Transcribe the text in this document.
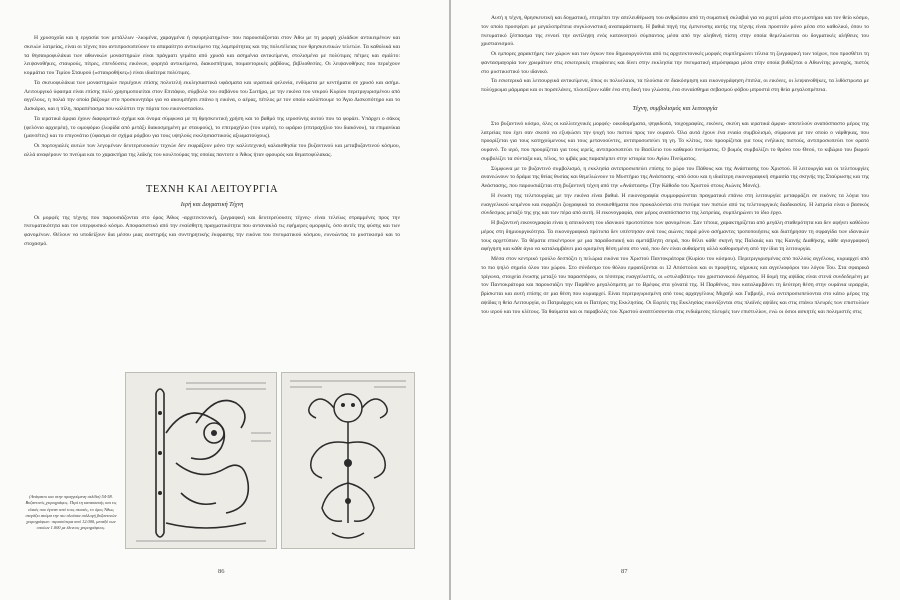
Η χρυσοχοΐα και η εργασία των μετάλλων -λιωμένα, χαραγμένα ή σφυρηλατημένα- που παρουσιάζονται στον Άθω με τη μορφή χιλιάδων αντικειμένων και σκευών λατρείας, είναι οι τέχνες που αντιπροσωπεύουν το απαραίτητο αντικείμενο της λαμπρότητας και της πολυτέλειας των θρησκευτικών τελετών. Τα καθολικά και τα θησαυροφυλάκια των αθωνικών μοναστηριών είναι πράγματι γεμάτα από χρυσά και ασημένια αντικείμενα, στολισμένα με πολύτιμες πέτρες και σμάλτο: λειψανοθήκες, σταυρούς, πίτρες, επενδύσεις εικόνων, φορητά αντικείμενα, διακοσπήτρια, ποιμαντορικές ράβδους, βιβλιοθεσίες. Οι λειψανοθήκες που περιέχουν κομμάτια του Τιμίου Σταυρού («σταυροθήκες») είναι ιδιαίτερα πολύτιμες.

Τα σκευοφυλάκια των μοναστηριών περιέχουν επίσης πολυτελή εκκλησιαστικά υφάσματα και ιερατικά φελονία, ενδύματα με κεντήματα σε χρυσό και ασήμι. Λειτουργικό ύφασμα είναι επίσης πολύ χρησιμοποιείται στον Επιτάφιο, σύμβολο του σαβάνου του Σωτήρα, με την εικόνα του νεκρού Κυρίου περιτριγυρισμένου από αγγέλους, η πολιά την οποία βάζουμε στο προσκυνητάρι για να ακουμπήσει επάνω η εικόνα, ο αέρας, πέπλος με τον οποίο καλύπτουμε το Άγιο Δισκοπότηρο και το Δισκάριο, και η πίλη, παραπέτασμα που καλύπτει την πόρτα του εικονοστασίου.

Τα ιερατικά άμφια έχουν διαφορετικό σχήμα και όνομα σύμφωνα με τη θρησκευτική χρήση και το βαθμό της ιεροσύνης αυτού που τα φοράει. Υπάρχει ο σάκος (φελόνιο αρχιερέα), το ωμοφόριο (λωρίδα από μετάξι διακοσμημένη με σταυρούς), το επιτραχήλιο (του ιερέα), το ωράριο (επιτραχήλιο του διακόνου), τα επιμανίκια (μανσέτες) και το επιγονάτιο (ύφασμα σε σχήμα ρόμβου για τους υψηλούς εκκλησιαστικούς αξιωματούχους).

Οι πορτογιαλές αυτών των λεγομένων δευτερευουσών τεχνών δεν εκφράζουν μόνο την καλλιτεχνική καλαισθησία του βυζαντινού και μεταβυζαντινού κόσμου, αλλά αναφέρουν το πνεύμα και το χαρακτήρα της λαϊκής του κουλτούρας της οποίας παντοτε ο Άθως ήταν φρουρός και θεματοφύλακας.

ΤΕΧΝΗ ΚΑΙ ΛΕΙΤΟΥΡΓΙΑ
Ιερή και Δογματική Τέχνη

Οι μορφές της τέχνης που παρουσιάζονται στο όρος Άθως -αρχιτεκτονική, ζωγραφική και δευτερεύουσες τέχνες- είναι τελείως στραμμένες προς την πνευματικότητα και τον υπερφυσικό κόσμο. Αποφασιστικό από την εναίσθητη πραγματικότητα που αντανακλά τις εφήμερες ομορφιές, όσο αυτές της φύσης και των φανομένων. Θέλουν να υποδείξουν δια μέσου μιας αυστηρής και συντηρητικής έκφρασης την εικόνα του πνευματικού κόσμου, ευνοώντας το μυστικισμό και το στοχασμό.

(Ανάφαιτο και στην προηγούμενη σελίδα) 54-58. Βυζαντινός χειρογράφος. Περί τη κατασκευής και τις ελικές που έγιναν από τους σκοπές, το όρος Άθως στεγάζει ακόμα την πιο πλούσια συλλογή βυζαντινών χειρογράφων: περισσότερα από 12.000, μεταξύ των οποίων 1.000 με έλινους χειρογράφους.
86

Αυτή η τέχνη, θρησκευτική και δογματική, επιτρέπει την απελευθέρωση του ανθρώπου από τη σωματική σκλαβιά για να ριχτεί μέσα στο μυστήριο και τον θείο κόσμο, τον οποίο προσφέρει με μεγαλοπρέπεια συγκλονιστική αναπαράσταση. Η βαθιά πηγή της έμπνευσης αυτής της τέχνης είναι προσιτόν μόνο μέσα στο καθολικό, όπου το πνευματικό ξέσπασμα της εννοεί την αντίληψη ενός κατανοητού σύμπαντος μέσα από την αληθινή πίστη στην οποία θεμελιώνεται ου δογματικές αλήθειες του χριστιανισμού.

Οι εμπορες χαρακτήρες των χώρων και των όγκων που δημιουργούνται από τις αρχιτεκτονικές μορφές συμπληρώνει τέλεια τη ζωγραφική των τοίχων, που προσθέτει τη φαντασμαγορία των χρωμάτων στις εσωτερικές επιφάνειες και δίνει στην εκκλησία την πνευματική ατμόσφαιρα μέσα στην οποία βυθίζεται ο Αθωνίτης μοναχός, πιστός στο μυστικιστικό του ιδανικό.

Τα εσωτερικά και λειτουργικά αντικείμενα, όπως οι πολυελαιοι, τα πλούσια σε διακόσμηση και εικονογράφηση έπιπλα, οι εικόνες, οι λειψανοθήκες, τα λιθόστρωτα με πολύχρωμα μάρμαρα και οι πορσελάνες, πλουτίζουν κάθε ένα στη δική του γλώσσα, ένα συναίσθημα σεβασμού φόβου μπροστά στη θεία μεγαλοπρέπεια.

Τέχνη, συμβολισμός και λειτουργία

Στο βυζαντινό κόσμο, όλες οι καλλιτεχνικές μορφές- οικοδομήματα, ψηφιδωτά, τοιχογραφίες, εικόνες, σκεύη και ιερατικά άμφια- αποτελούν αναπόσπαστο μέρος της λατρείας που έχει σαν σκοπό να εξυψώσει την ψυχή του πιστού προς τον ουρανό. Όλα αυτά έχουν ένα ενιαίο συμβολισμό, σύμφωνα με τον οποίο ο νάρθηκας, που προορίζεται για τους κατηχούμενους και τους μετανοούντες, αντιπροσωπεύει τη γη. Το κλίτος, που προορίζεται για τους ενήλικες πιστούς, αντιπροσωπεύει τον ορατό ουρανό. Το ιερό, που προορίζεται για τους ιερείς, αντιπροσωπεύει το Βασίλειο του καθαρού πνεύματος. Ο βωμός συμβολίζει το θρόνο του Θεού, το κιβώριο του βωμού συμβολίζει τα σύνταξα και, τέλος, το ιμβάς μας παραπέμπει στην ιστορία του Αγίου Πνεύματος.

Σύμφωνα με το βυζαντινό συμβολισμό, η εκκλησία αντιπροσωπεύει επίσης το χώρο του Πάθους και της Ανάστασης του Χριστού. Η λειτουργία και οι τελετουργίες ανανεώνουν το δράμα της θείας θυσίας και θεμελιώνουν το Μυστήριο της Ανάστασης -από όσου και η ιδιαίτερη εικονογραφική σημασία της σκηνής της Σταύρωσης και της Ανάστασης, που παρουσιάζεται στη βυζαντινή τέχνη από την «Ανάσταση» (Την Κάθοδο του Χριστού στους Αιώνες Μονές).

Η ένωση της τελετουργίας με την εικόνα είναι βαθιά. Η εικονογραφία συμμορφώνεται πραγματικά επάνω στη λειτουργία: μεταφράζει σε εικόνες τα λόγια του ευαγγελικού κειμένου και εκφράζει ζωγραφικά τα συναισθήματα που προκαλούνται στο πνεύμα των πιστών από τις τελετουργικές διαδικασίες. Η λατρεία είναι ο βασικός σύνδεσμος μεταξύ της γης και των πέρα από αυτή. Η εικονογραφία, σαν μέρος αναπόσπαστο της λατρείας, συμπληρώνει το ίδιο έργο.

Η βυζαντινή εικονογραφία είναι η απεικόνιση του ιδανικού πρωτοτύπου των φανομένων. Σαν τέτοια, χαρακτηρίζεται από μεγάλη σταθερότητα και δεν αφήνει καθόλου μέρος στη δημιουργικότητα. Τα εικονογραφικά πρότυπα δεν υπέστησαν ανά τους αιώνες παρά μόνο ασήμαντες τροποποιήσεις και διατήρησαν τη σφραγίδα των ιδανικών τους αρχετύπων. Τα θέματα επικέντρουν με μια παραδοσιακή και αμετάβλητη σειρά, που θέλει κάθε σκηνή της Παλαιάς και της Καινής Διαθήκης, κάθε αγιογραφική αφήγηση και κάθε άγιο να καταλαμβάνει μια ορισμένη θέση μέσα στο ναό, που δεν είναι αυθαίρετη αλλά καθορισμένη από την ίδια τη λειτουργία.

Μέσα στον κεντρικό τρούλο δεσπόζει η πελώρια εικόνα του Χριστού Παντοκράτορα (Κυρίου του κόσμου). Περιτριγυρισμένος από πολλούς αγγέλους, κυριαρχεί από το πιο ψηλό σημείο όλου του χώρου. Στο σύνδεσμο του θόλου εμφανίζονται οι 12 Απόστολοι και οι προφήτες, κήρυκες και αγγελιοφόροι του λόγου Του. Στα σφαιρικά τρίγωνα, στοιχεία ένωσης μεταξύ του παρασπόρου, οι τέσσερις ευαγγελιστές, οι «στυλοβάτες» του χριστιανικού δόγματος. Η δομή της αψίδας είναι στενά συνδεδεμένη με τον Παντοκράτορα και παρουσιάζει την Παρθένο μεγαλόπρεπη με το Βρέφος στα γόνατά της. Η Παρθένος, που καταλαμβάνει τη δεύτερη θέση στην ουράνια ιεραρχία, βρίσκεται και αυτή επίσης σε μια θέση που κυριαρχεί. Είναι περιτριγυρισμένη από τους αρχαγγέλους Μιχαήλ και Γαβριήλ, ενώ αντιπροσωπεύονται στο κάτω μέρος της αψίδας η θεία Λειτουργία, οι Πατριάρχες και οι Πατέρες της Εκκλησίας. Οι Εορτές της Εκκλησίας εικονίζονται στις πλαϊνές αψίδες και στις επάνω πλευρές των επιστυλίων του ιερού και του κλίτους. Τα θαύματα και οι παραβολές του Χριστού αναπτύσσονται στις ενδιάμεσες πλευρές των επιστυλίων, ενώ οι όσιοι ασκητές και πολεμιστές στις

87
